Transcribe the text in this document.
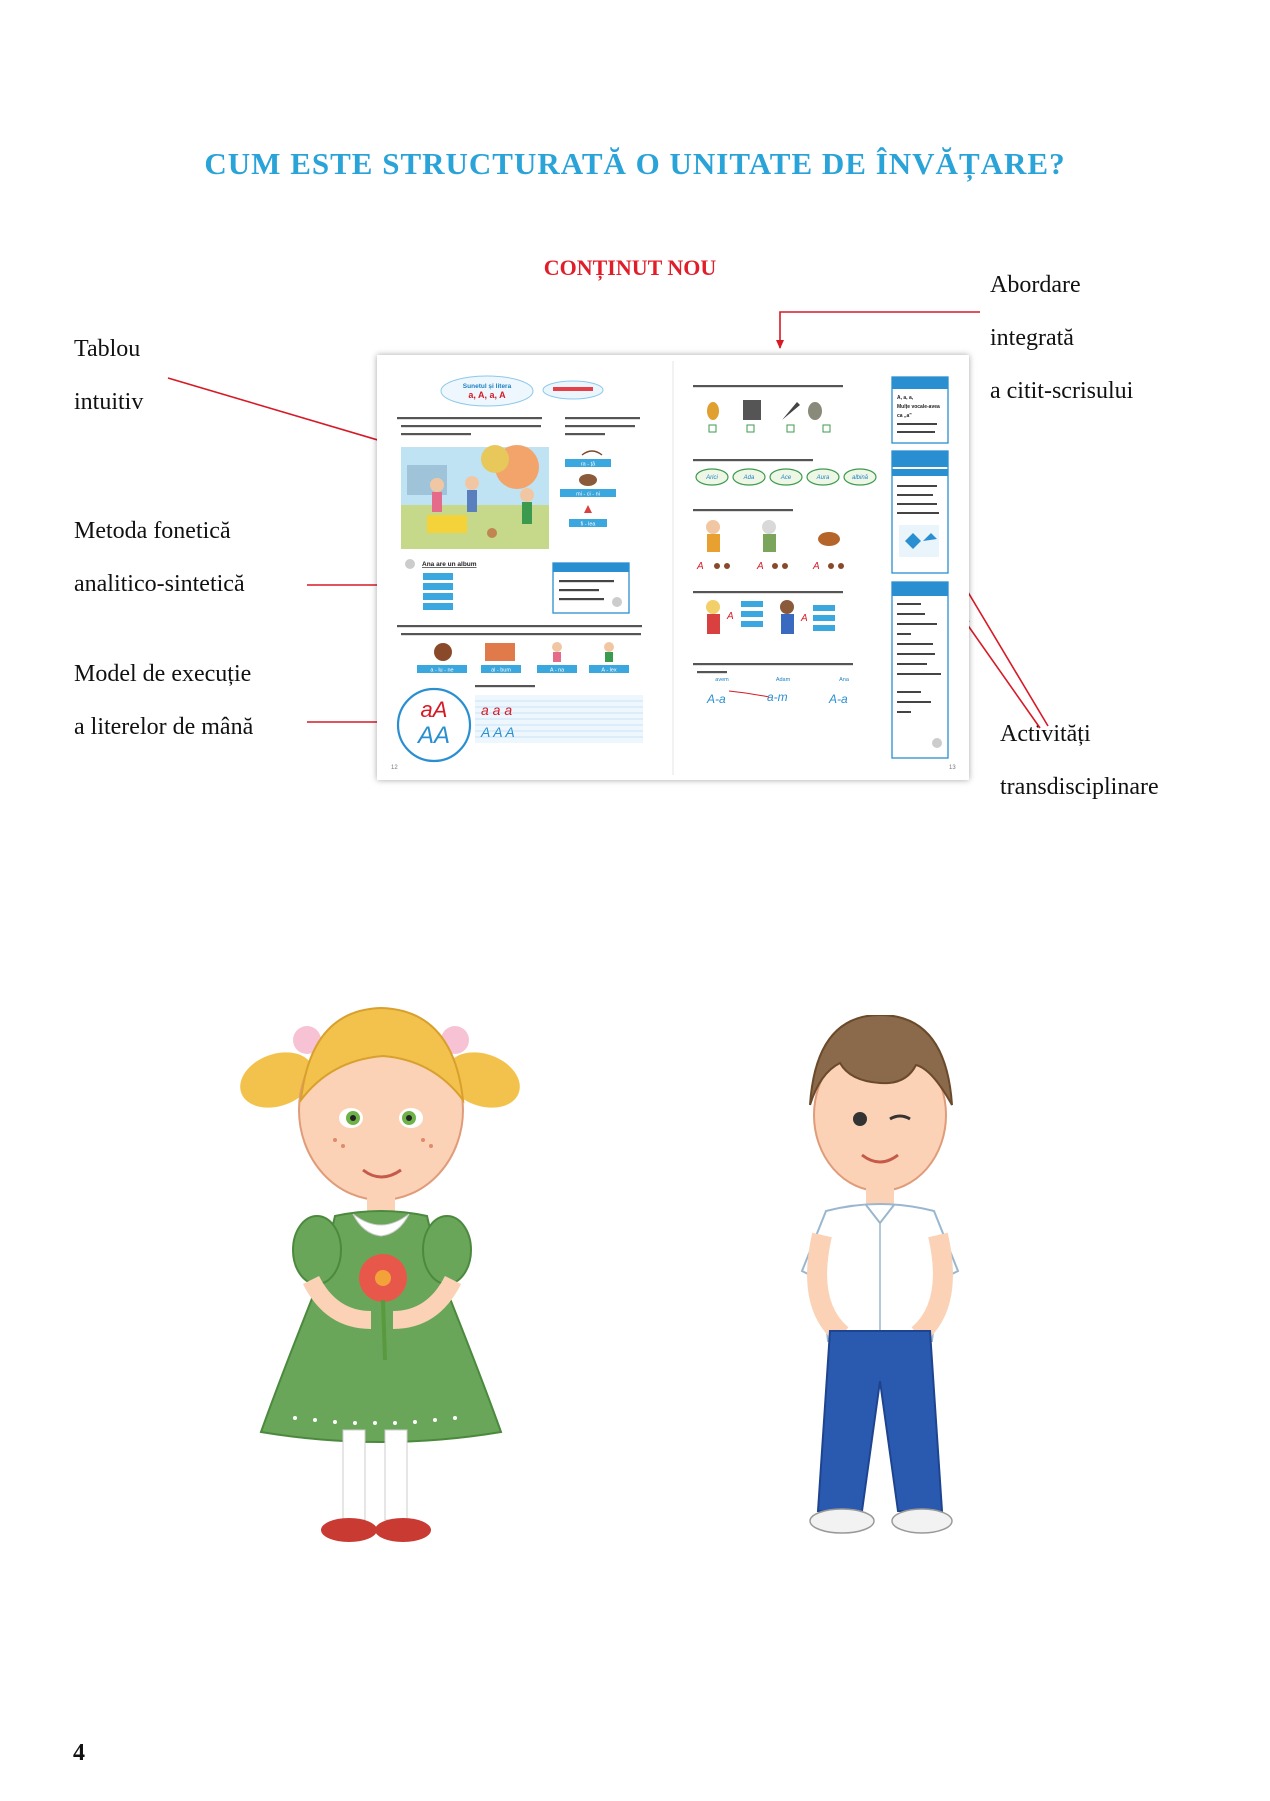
CUM ESTE STRUCTURATĂ O UNITATE DE ÎNVĂȚARE?
CONȚINUT NOU
Tablou
intuitiv
Metoda fonetică
analitico-sintetică
Model de execuție
a literelor de mână
Abordare
integrată
a citit-scrisului
Activități
transdisciplinare
Sunetul și litera
a, A, a, A
ra - ță
mi - ci - ni
fi - lea
Ana are un album
a - lu - ne	al - bum	A - na	A - lex
aA
AA
a a a
A A A
12
Arici	Ada	Ace	Aura	albină
A	A	A
A	A
avem	Adam	Ana
A-a	a-m	A-a
13
A, a, a,
Mulțe vocale-avea
ca „a”
4
